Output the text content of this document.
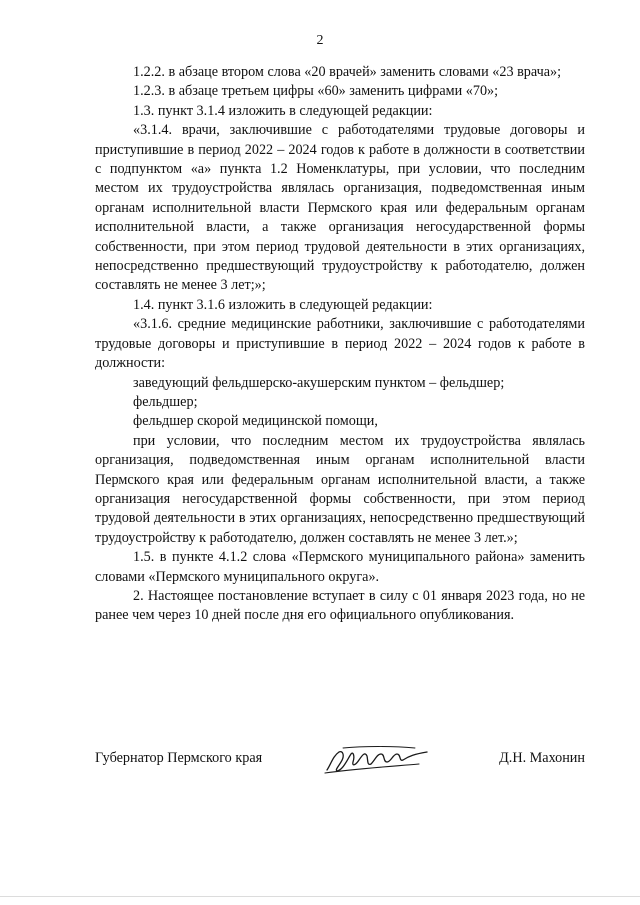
2

1.2.2. в абзаце втором слова «20 врачей» заменить словами «23 врача»;

1.2.3. в абзаце третьем цифры «60» заменить цифрами «70»;

1.3. пункт 3.1.4 изложить в следующей редакции:

«3.1.4. врачи, заключившие с работодателями трудовые договоры и приступившие в период 2022 – 2024 годов к работе в должности в соответствии с подпунктом «а» пункта 1.2 Номенклатуры, при условии, что последним местом их трудоустройства являлась организация, подведомственная иным органам исполнительной власти Пермского края или федеральным органам исполнительной власти, а также организация негосударственной формы собственности, при этом период трудовой деятельности в этих организациях, непосредственно предшествующий трудоустройству к работодателю, должен составлять не менее 3 лет;»;

1.4. пункт 3.1.6 изложить в следующей редакции:

«3.1.6. средние медицинские работники, заключившие с работодателями трудовые договоры и приступившие в период 2022 – 2024 годов к работе в должности:

заведующий фельдшерско-акушерским пунктом – фельдшер;

фельдшер;

фельдшер скорой медицинской помощи,

при условии, что последним местом их трудоустройства являлась организация, подведомственная иным органам исполнительной власти Пермского края или федеральным органам исполнительной власти, а также организация негосударственной формы собственности, при этом период трудовой деятельности в этих организациях, непосредственно предшествующий трудоустройству к работодателю, должен составлять не менее 3 лет.»;

1.5. в пункте 4.1.2 слова «Пермского муниципального района» заменить словами «Пермского муниципального округа».

2. Настоящее постановление вступает в силу с 01 января 2023 года, но не ранее чем через 10 дней после дня его официального опубликования.

Губернатор Пермского края	Д.Н. Махонин
